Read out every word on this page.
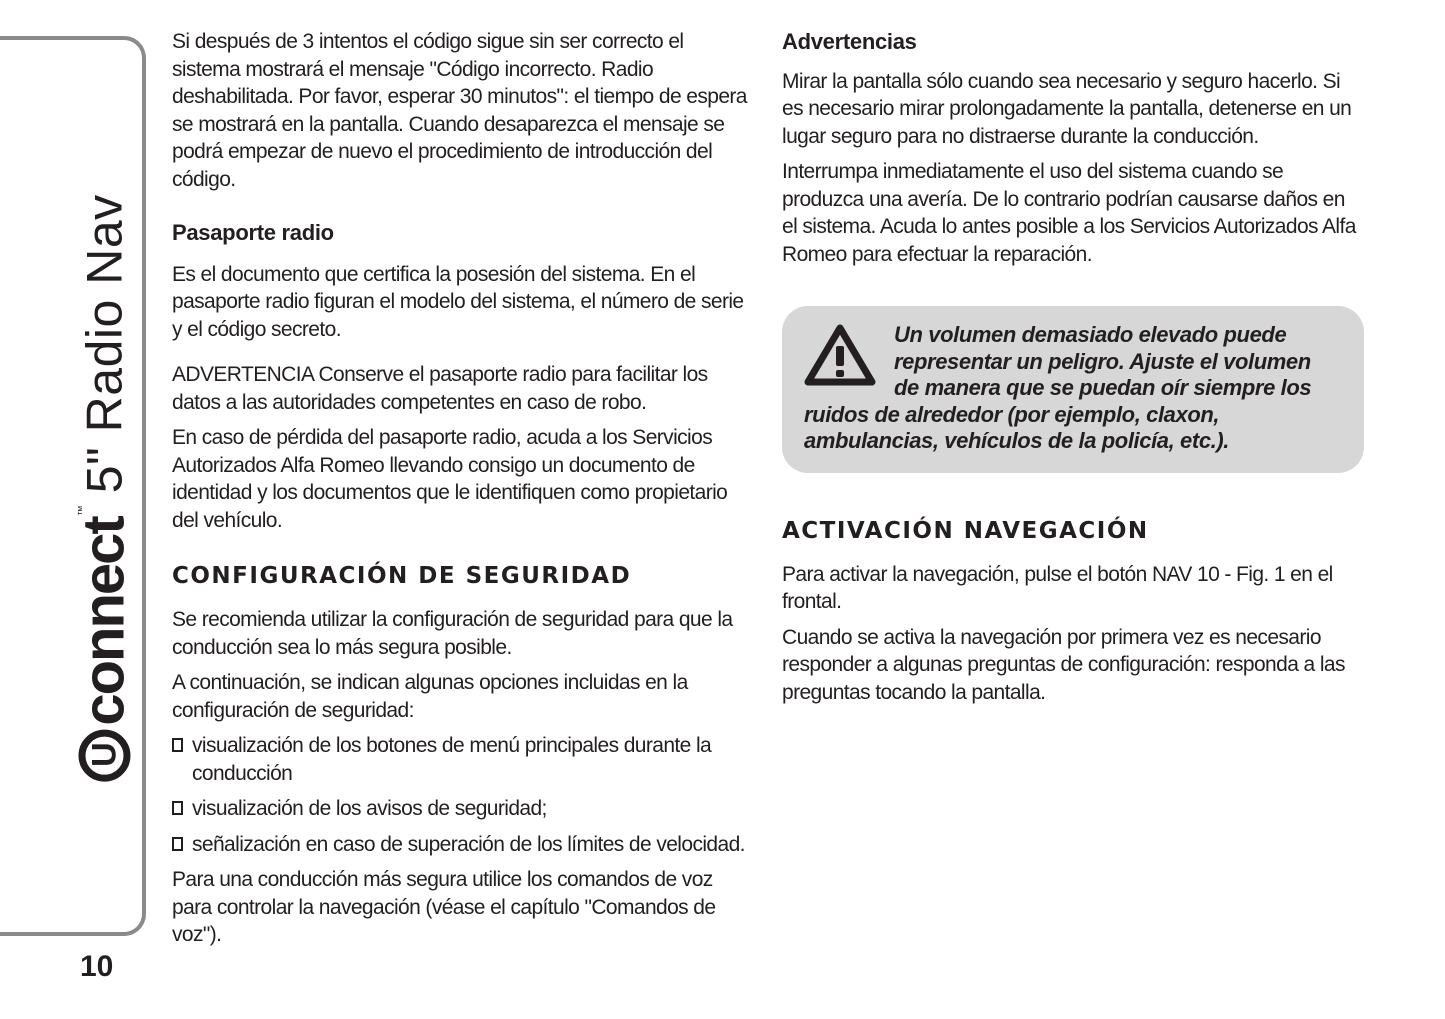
U
connect
™
5" Radio Nav
10

Si después de 3 intentos el código sigue sin ser correcto el sistema mostrará el mensaje "Código incorrecto. Radio deshabilitada. Por favor, esperar 30 minutos": el tiempo de espera se mostrará en la pantalla. Cuando desaparezca el mensaje se podrá empezar de nuevo el procedimiento de introducción del código.

Pasaporte radio

Es el documento que certifica la posesión del sistema. En el pasaporte radio figuran el modelo del sistema, el número de serie y el código secreto.

ADVERTENCIA Conserve el pasaporte radio para facilitar los datos a las autoridades competentes en caso de robo.

En caso de pérdida del pasaporte radio, acuda a los Servicios Autorizados Alfa Romeo llevando consigo un documento de identidad y los documentos que le identifiquen como propietario del vehículo.

CONFIGURACIÓN DE SEGURIDAD

Se recomienda utilizar la configuración de seguridad para que la conducción sea lo más segura posible.

A continuación, se indican algunas opciones incluidas en la configuración de seguridad:

visualización de los botones de menú principales durante la conducción
visualización de los avisos de seguridad;
señalización en caso de superación de los límites de velocidad.

Para una conducción más segura utilice los comandos de voz para controlar la navegación (véase el capítulo "Comandos de voz").

Advertencias

Mirar la pantalla sólo cuando sea necesario y seguro hacerlo. Si es necesario mirar prolongadamente la pantalla, detenerse en un lugar seguro para no distraerse durante la conducción.

Interrumpa inmediatamente el uso del sistema cuando se produzca una avería. De lo contrario podrían causarse daños en el sistema. Acuda lo antes posible a los Servicios Autorizados Alfa Romeo para efectuar la reparación.

Un volumen demasiado elevado puede representar un peligro. Ajuste el volumen de manera que se puedan oír siempre los ruidos de alrededor (por ejemplo, claxon, ambulancias, vehículos de la policía, etc.).
ACTIVACIÓN NAVEGACIÓN

Para activar la navegación, pulse el botón NAV 10 - Fig. 1 en el frontal.

Cuando se activa la navegación por primera vez es necesario responder a algunas preguntas de configuración: responda a las preguntas tocando la pantalla.
